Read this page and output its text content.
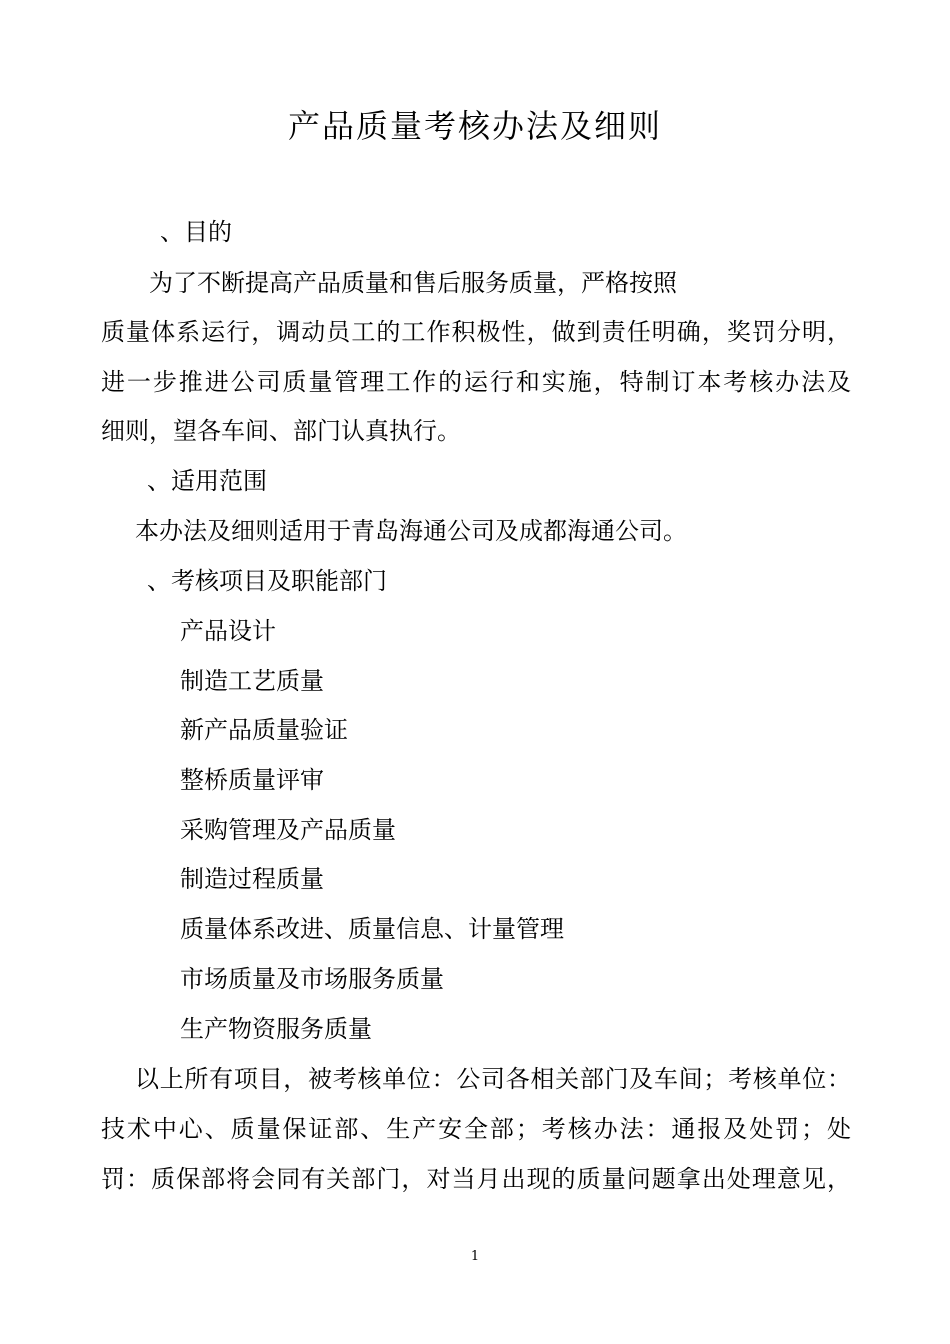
产品质量考核办法及细则
、目的
为了不断提高产品质量和售后服务质量，严格按照
质量体系运行，调动员工的工作积极性，做到责任明确，奖罚分明，
进一步推进公司质量管理工作的运行和实施，特制订本考核办法及
细则，望各车间、部门认真执行。
、适用范围
本办法及细则适用于青岛海通公司及成都海通公司。
、考核项目及职能部门
产品设计
制造工艺质量
新产品质量验证
整桥质量评审
采购管理及产品质量
制造过程质量
质量体系改进、质量信息、计量管理
市场质量及市场服务质量
生产物资服务质量
以上所有项目，被考核单位：公司各相关部门及车间；考核单位：
技术中心、质量保证部、生产安全部；考核办法：通报及处罚；处
罚：质保部将会同有关部门，对当月出现的质量问题拿出处理意见，
1
